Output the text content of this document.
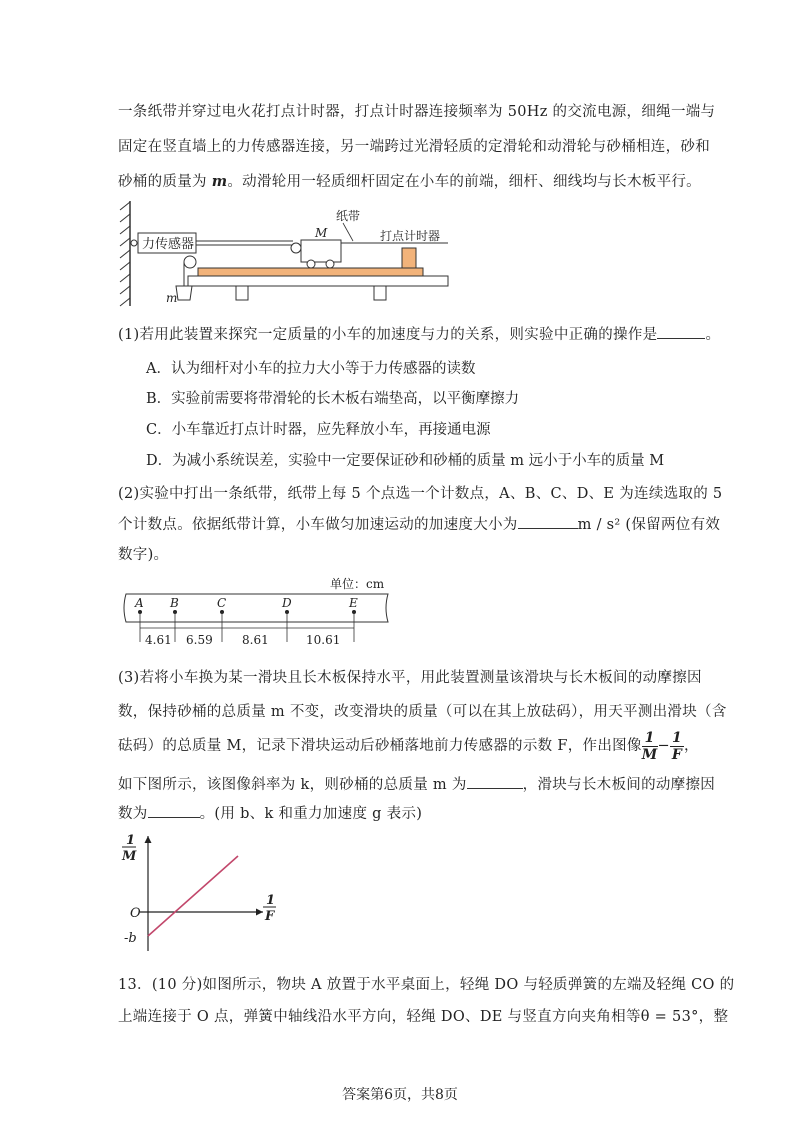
一条纸带并穿过电火花打点计时器，打点计时器连接频率为 50Hz 的交流电源，细绳一端与
固定在竖直墙上的力传感器连接，另一端跨过光滑轻质的定滑轮和动滑轮与砂桶相连，砂和
砂桶的质量为 m。动滑轮用一轻质细杆固定在小车的前端，细杆、细线均与长木板平行。
力传感器
m
M
纸带
打点计时器
(1)若用此装置来探究一定质量的小车的加速度与力的关系，则实验中正确的操作是	。
A．认为细杆对小车的拉力大小等于力传感器的读数
B．实验前需要将带滑轮的长木板右端垫高，以平衡摩擦力
C．小车靠近打点计时器，应先释放小车，再接通电源
D．为减小系统误差，实验中一定要保证砂和砂桶的质量 m 远小于小车的质量 M
(2)实验中打出一条纸带，纸带上每 5 个点选一个计数点，A、B、C、D、E 为连续选取的 5
个计数点。依据纸带计算，小车做匀加速运动的加速度大小为	m / s² (保留两位有效
数字)。
单位：cm
A B	C	D	E
4.61 6.59 8.61	10.61
(3)若将小车换为某一滑块且长木板保持水平，用此装置测量该滑块与长木板间的动摩擦因
数，保持砂桶的总质量 m 不变，改变滑块的质量（可以在其上放砝码），用天平测出滑块（含
砝码）的总质量 M，记录下滑块运动后砂桶落地前力传感器的示数 F，作出图像 $\frac{1}{M} - \frac{1}{F}$ ，
如下图所示，该图像斜率为 k，则砂桶的总质量 m 为	，滑块与长木板间的动摩擦因
数为	。(用 b、k 和重力加速度 g 表示)
1
M
1
F
O
-b
13．(10 分)如图所示，物块 A 放置于水平桌面上，轻绳 DO 与轻质弹簧的左端及轻绳 CO 的
上端连接于 O 点，弹簧中轴线沿水平方向，轻绳 DO、DE 与竖直方向夹角相等θ = 53°，整
答案第6页，共8页
